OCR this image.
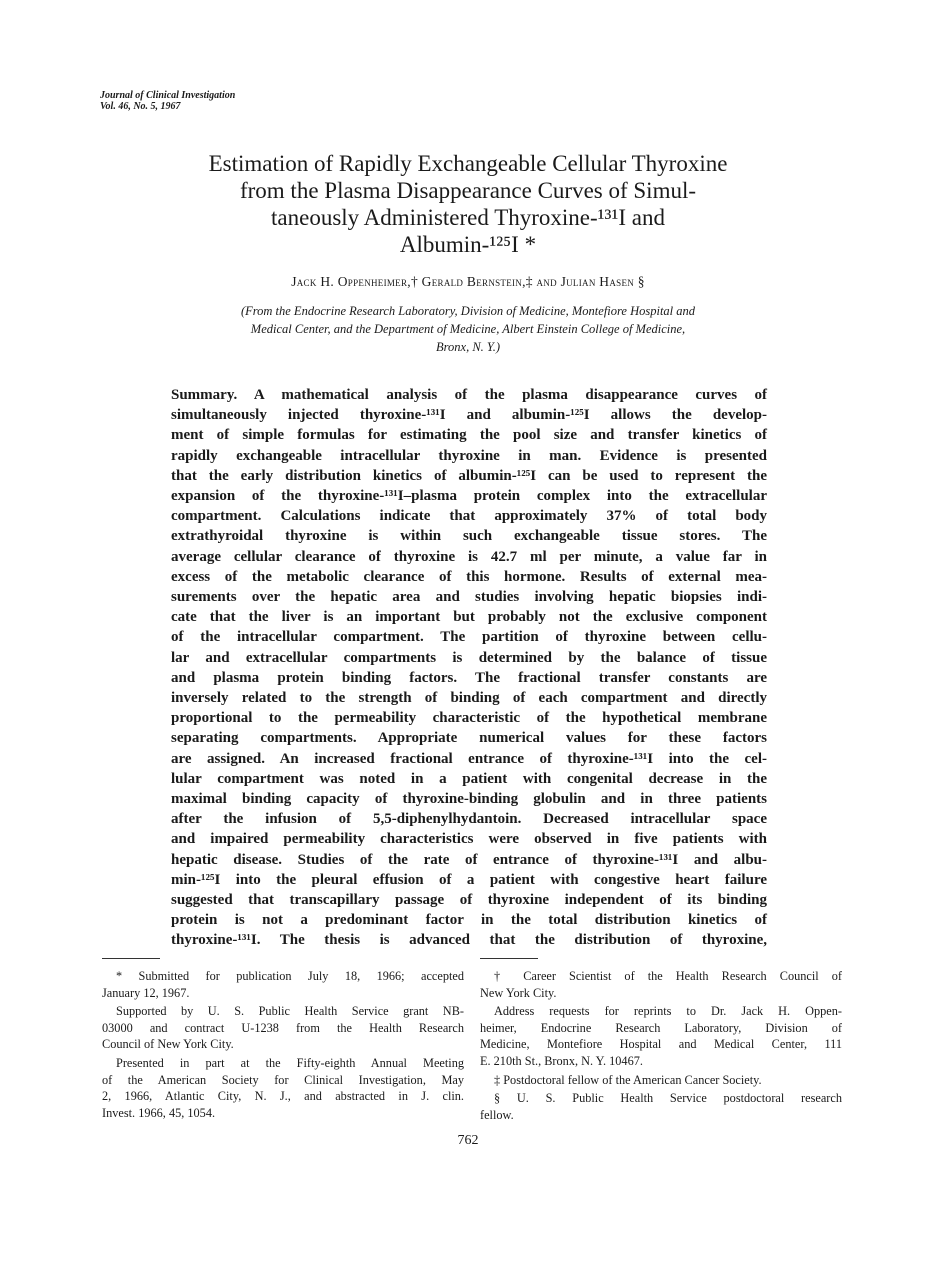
Journal of Clinical Investigation
Vol. 46, No. 5, 1967
Estimation of Rapidly Exchangeable Cellular Thyroxine
from the Plasma Disappearance Curves of Simul-
taneously Administered Thyroxine-¹³¹I and
Albumin-¹²⁵I *
Jack H. Oppenheimer,† Gerald Bernstein,‡ and Julian Hasen §
(From the Endocrine Research Laboratory, Division of Medicine, Montefiore Hospital and
Medical Center, and the Department of Medicine, Albert Einstein College of Medicine,
Bronx, N. Y.)
Summary. A mathematical analysis of the plasma disappearance curves of
simultaneously injected thyroxine-¹³¹I and albumin-¹²⁵I allows the develop-
ment of simple formulas for estimating the pool size and transfer kinetics of
rapidly exchangeable intracellular thyroxine in man. Evidence is presented
that the early distribution kinetics of albumin-¹²⁵I can be used to represent the
expansion of the thyroxine-¹³¹I–plasma protein complex into the extracellular
compartment. Calculations indicate that approximately 37% of total body
extrathyroidal thyroxine is within such exchangeable tissue stores. The
average cellular clearance of thyroxine is 42.7 ml per minute, a value far in
excess of the metabolic clearance of this hormone. Results of external mea-
surements over the hepatic area and studies involving hepatic biopsies indi-
cate that the liver is an important but probably not the exclusive component
of the intracellular compartment. The partition of thyroxine between cellu-
lar and extracellular compartments is determined by the balance of tissue
and plasma protein binding factors. The fractional transfer constants are
inversely related to the strength of binding of each compartment and directly
proportional to the permeability characteristic of the hypothetical membrane
separating compartments. Appropriate numerical values for these factors
are assigned. An increased fractional entrance of thyroxine-¹³¹I into the cel-
lular compartment was noted in a patient with congenital decrease in the
maximal binding capacity of thyroxine-binding globulin and in three patients
after the infusion of 5,5-diphenylhydantoin. Decreased intracellular space
and impaired permeability characteristics were observed in five patients with
hepatic disease. Studies of the rate of entrance of thyroxine-¹³¹I and albu-
min-¹²⁵I into the pleural effusion of a patient with congestive heart failure
suggested that transcapillary passage of thyroxine independent of its binding
protein is not a predominant factor in the total distribution kinetics of
thyroxine-¹³¹I. The thesis is advanced that the distribution of thyroxine,
* Submitted for publication July 18, 1966; accepted
January 12, 1967.
Supported by U. S. Public Health Service grant NB-
03000 and contract U-1238 from the Health Research
Council of New York City.
Presented in part at the Fifty-eighth Annual Meeting
of the American Society for Clinical Investigation, May
2, 1966, Atlantic City, N. J., and abstracted in J. clin.
Invest. 1966, 45, 1054.
† Career Scientist of the Health Research Council of
New York City.
Address requests for reprints to Dr. Jack H. Oppen-
heimer, Endocrine Research Laboratory, Division of
Medicine, Montefiore Hospital and Medical Center, 111
E. 210th St., Bronx, N. Y. 10467.
‡ Postdoctoral fellow of the American Cancer Society.
§ U. S. Public Health Service postdoctoral research
fellow.
762
